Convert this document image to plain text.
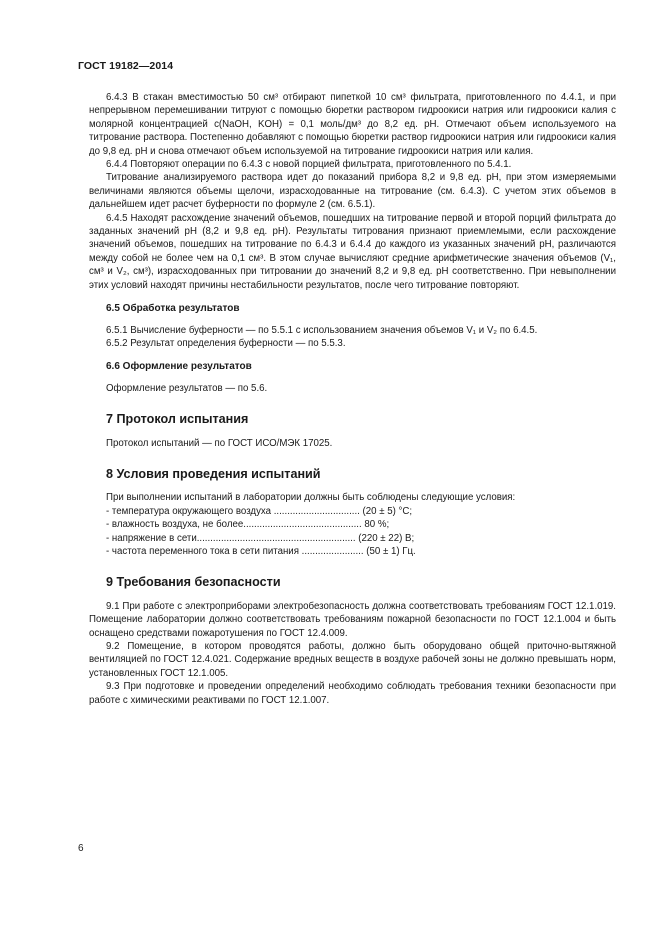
ГОСТ 19182—2014

6.4.3 В стакан вместимостью 50 см³ отбирают пипеткой 10 см³ фильтрата, приготовленного по 4.4.1, и при непрерывном перемешивании титруют с помощью бюретки раствором гидроокиси натрия или гидроокиси калия с молярной концентрацией c(NaOH, KOH) = 0,1 моль/дм³ до 8,2 ед. pH. Отмечают объем используемого на титрование раствора. Постепенно добавляют с помощью бюретки раствор гидроокиси натрия или гидроокиси калия до 9,8 ед. pH и снова отмечают объем используемой на титрование гидроокиси натрия или калия.

6.4.4 Повторяют операции по 6.4.3 с новой порцией фильтрата, приготовленного по 5.4.1.

Титрование анализируемого раствора идет до показаний прибора 8,2 и 9,8 ед. pH, при этом измеряемыми величинами являются объемы щелочи, израсходованные на титрование (см. 6.4.3). С учетом этих объемов в дальнейшем идет расчет буферности по формуле 2 (см. 6.5.1).

6.4.5 Находят расхождение значений объемов, пошедших на титрование первой и второй порций фильтрата до заданных значений pH (8,2 и 9,8 ед. pH). Результаты титрования признают приемлемыми, если расхождение значений объемов, пошедших на титрование по 6.4.3 и 6.4.4 до каждого из указанных значений pH, различаются между собой не более чем на 0,1 см³. В этом случае вычисляют средние арифметические значения объемов (V₁, см³ и V₂, см³), израсходованных при титровании до значений 8,2 и 9,8 ед. pH соответственно. При невыполнении этих условий находят причины нестабильности результатов, после чего титрование повторяют.

6.5 Обработка результатов

6.5.1 Вычисление буферности — по 5.5.1 с использованием значения объемов V₁ и V₂ по 6.4.5.

6.5.2 Результат определения буферности — по 5.5.3.

6.6 Оформление результатов

Оформление результатов — по 5.6.

7 Протокол испытания

Протокол испытаний — по ГОСТ ИСО/МЭК 17025.

8 Условия проведения испытаний

При выполнении испытаний в лаборатории должны быть соблюдены следующие условия:

- температура окружающего воздуха ................................ (20 ± 5) °С;
- влажность воздуха, не более............................................ 80 %;
- напряжение в сети........................................................... (220 ± 22) В;
- частота переменного тока в сети питания ....................... (50 ± 1) Гц.
9 Требования безопасности

9.1 При работе с электроприборами электробезопасность должна соответствовать требованиям ГОСТ 12.1.019. Помещение лаборатории должно соответствовать требованиям пожарной безопасности по ГОСТ 12.1.004 и быть оснащено средствами пожаротушения по ГОСТ 12.4.009.

9.2 Помещение, в котором проводятся работы, должно быть оборудовано общей приточно-вытяжной вентиляцией по ГОСТ 12.4.021. Содержание вредных веществ в воздухе рабочей зоны не должно превышать норм, установленных ГОСТ 12.1.005.

9.3 При подготовке и проведении определений необходимо соблюдать требования техники безопасности при работе с химическими реактивами по ГОСТ 12.1.007.

6
